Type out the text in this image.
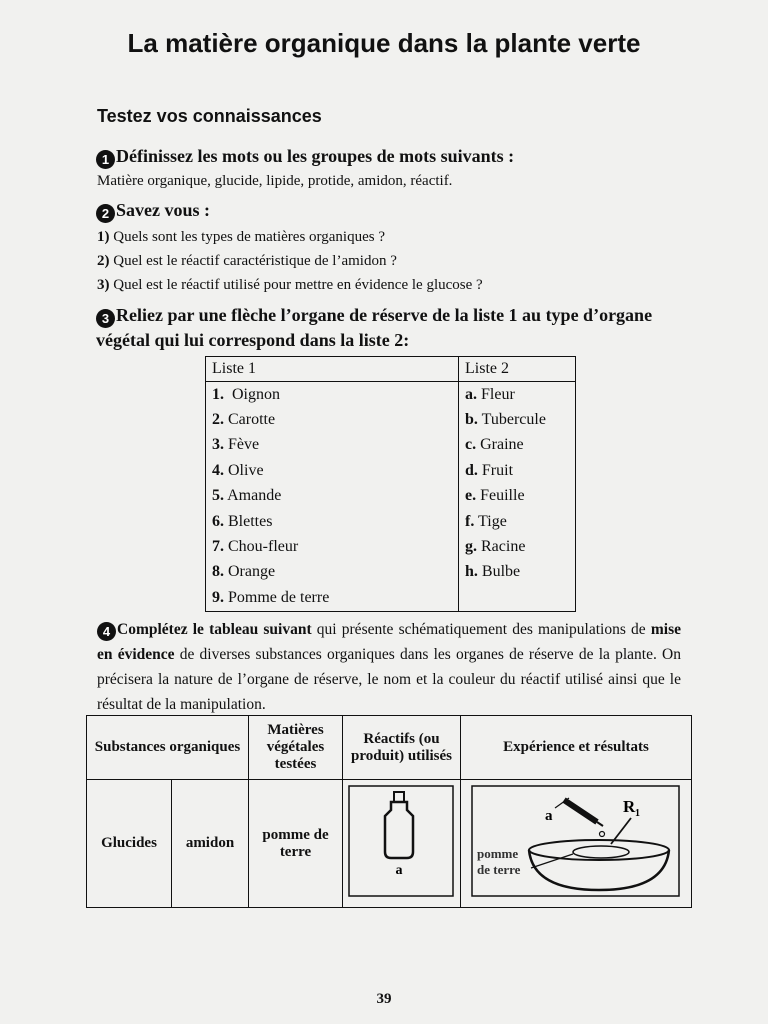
La matière organique dans la plante verte
Testez vos connaissances
1 Définissez les mots ou les groupes de mots suivants :
Matière organique, glucide, lipide, protide, amidon, réactif.
2 Savez vous :
1) Quels sont les types de matières organiques ?
2) Quel est le réactif caractéristique de l’amidon ?
3) Quel est le réactif utilisé pour mettre en évidence le glucose ?
3 Reliez par une flèche l’organe de réserve de la liste 1 au type d’organe végétal qui lui correspond dans la liste 2:
Liste 1	Liste 2
1. Oignon	a. Fleur
2. Carotte	b. Tubercule
3. Fève	c. Graine
4. Olive	d. Fruit
5. Amande	e. Feuille
6. Blettes	f. Tige
7. Chou-fleur	g. Racine
8. Orange	h. Bulbe
9. Pomme de terre	
4 Complétez le tableau suivant qui présente schématiquement des manipulations de mise en évidence de diverses substances organiques dans les organes de réserve de la plante. On précisera la nature de l’organe de réserve, le nom et la couleur du réactif utilisé ainsi que le résultat de la manipulation.
Substances organiques		Matières végétales testées	Réactifs (ou produit) utilisés	Expérience et résultats
Glucides	amidon	pomme de terre	a	a R 1
pomme
de terre
39
